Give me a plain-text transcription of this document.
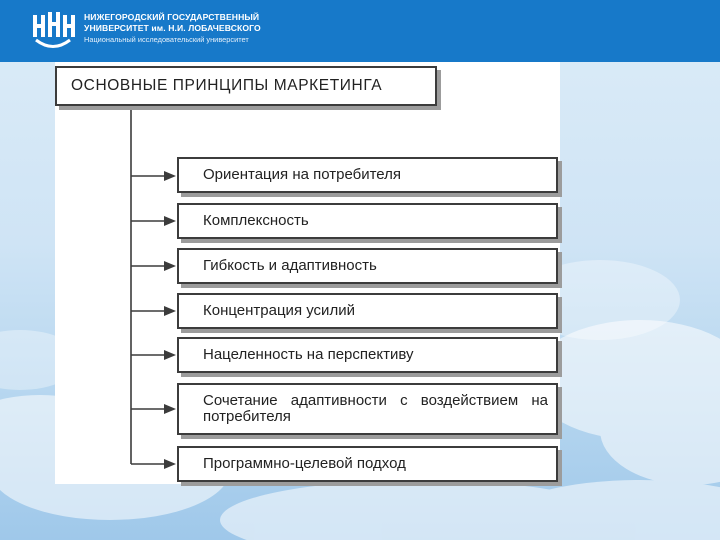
НИЖЕГОРОДСКИЙ ГОСУДАРСТВЕННЫЙ
УНИВЕРСИТЕТ им. Н.И. ЛОБАЧЕВСКОГО
Национальный исследовательский университет
ОСНОВНЫЕ ПРИНЦИПЫ МАРКЕТИНГА
Ориентация на потребителя
Комплексность
Гибкость и адаптивность
Концентрация усилий
Нацеленность на перспективу
Сочетание адаптивности с воздействием на потребителя
Программно-целевой подход
